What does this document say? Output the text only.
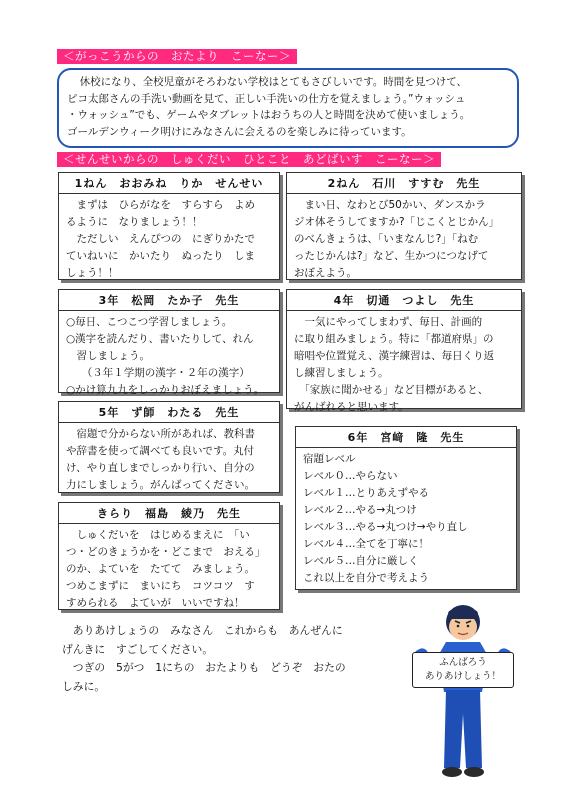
＜がっこうからの　おたより　こーなー＞

休校になり、全校児童がそろわない学校はとてもさびしいです。時間を見つけて、

ピコ太郎さんの手洗い動画を見て、正しい手洗いの仕方を覚えましょう。”ウォッシュ
・ウォッシュ”でも、ゲームやタブレットはおうちの人と時間を決めて使いましょう。
ゴールデンウィーク明けにみなさんに会えるのを楽しみに待っています。
＜せんせいからの　しゅくだい　ひとこと　あどばいす　こーなー＞
1ねん　おおみね　りか　せんせい
　まずは　ひらがなを　すらすら　よめ
るように　なりましょう！！
　ただしい　えんぴつの　にぎりかたで
ていねいに　かいたり　ぬったり　しま
しょう！！
2ねん　石川　すすむ　先生
　まい日、なわとび50かい、ダンスかラ
ジオ体そうしてますか?「じこくとじかん」
のべんきょうは、「いまなんじ?」「ねむ
ったじかんは?」など、生かつにつなげて
おぼえよう。
3年　松岡　たか子　先生
○毎日、こつこつ学習しましょう。
○漢字を読んだり、書いたりして、れん
　習しましょう。
　　（３年１学期の漢字・２年の漢字）
○かけ算九九をしっかりおぼえましょう。
4年　切通　つよし　先生
　一気にやってしまわず、毎日、計画的
に取り組みましょう。特に「都道府県」の
暗唱や位置覚え、漢字練習は、毎日くり返
し練習しましょう。
　「家族に聞かせる」など目標があると、
がんばれると思います。
5年　ず師　わたる　先生
　宿題で分からない所があれば、教科書
や辞書を使って調べても良いです。丸付
け、やり直しまでしっかり行い、自分の
力にしましょう。がんばってください。
6年　宮﨑　隆　先生
宿題レベル
レベル０…やらない
レベル１…とりあえずやる
レベル２…やる→丸つけ
レベル３…やる→丸つけ→やり直し
レベル４…全てを丁寧に！
レベル５…自分に厳しく
これ以上を自分で考えよう
きらり　福島　綾乃　先生
　しゅくだいを　はじめるまえに　「い
つ・どのきょうかを・どこまで　おえる」
のか、よていを　たてて　みましょう。
つめこまずに　まいにち　コツコツ　す
すめられる　よていが　いいですね！
　ありあけしょうの　みなさん　これからも　あんぜんに
げんきに　すごしてください。
　つぎの　5がつ　1にちの　おたよりも　どうぞ　おたの
しみに。
ふんばろう
ありあけしょう！
